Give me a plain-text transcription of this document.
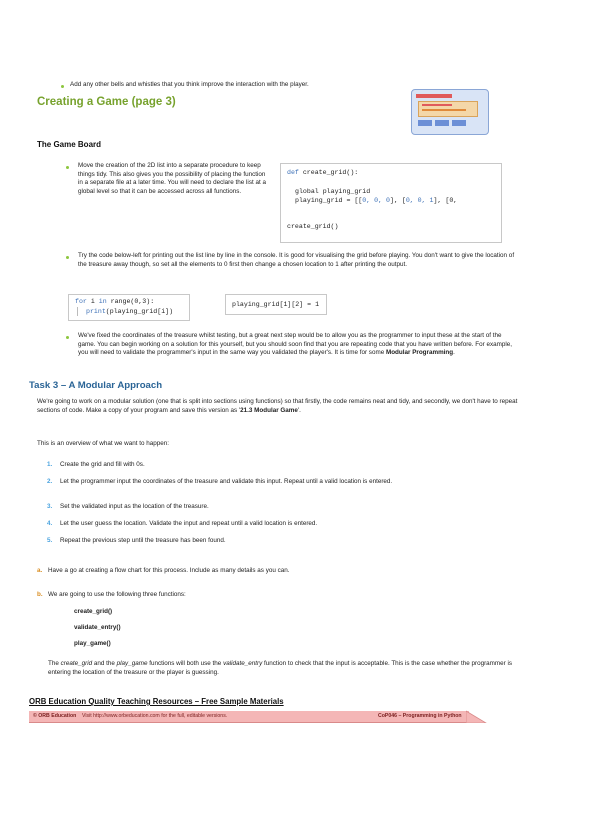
Add any other bells and whistles that you think improve the interaction with the player.
Creating a Game (page 3)
The Game Board
Move the creation of the 2D list into a separate procedure to keep things tidy. This also gives you the possibility of placing the function in a separate file at a later time. You will need to declare the list at a global level so that it can be accessed across all functions.
def create_grid():
global playing_grid
playing_grid = [[0, 0, 0], [0, 0, 1], [0,
create_grid()
Try the code below-left for printing out the list line by line in the console. It is good for visualising the grid before playing. You don't want to give the location of the treasure away though, so set all the elements to 0 first then change a chosen location to 1 after printing the output.
for i in range(0,3):
print(playing_grid[i])
playing_grid[1][2] = 1
We've fixed the coordinates of the treasure whilst testing, but a great next step would be to allow you as the programmer to input these at the start of the game. You can begin working on a solution for this yourself, but you should soon find that you are repeating code that you have written before. For example, you will need to validate the programmer's input in the same way you validated the player's. It is time for some Modular Programming.
Task 3 – A Modular Approach
We're going to work on a modular solution (one that is split into sections using functions) so that firstly, the code remains neat and tidy, and secondly, we don't have to repeat sections of code. Make a copy of your program and save this version as '21.3 Modular Game'.
This is an overview of what we want to happen:
1. Create the grid and fill with 0s.
2. Let the programmer input the coordinates of the treasure and validate this input. Repeat until a valid location is entered.
3. Set the validated input as the location of the treasure.
4. Let the user guess the location. Validate the input and repeat until a valid location is entered.
5. Repeat the previous step until the treasure has been found.
a. Have a go at creating a flow chart for this process. Include as many details as you can.
b. We are going to use the following three functions:
create_grid()
validate_entry()
play_game()
The create_grid and the play_game functions will both use the validate_entry function to check that the input is acceptable. This is the case whether the programmer is entering the location of the treasure or the player is guessing.
ORB Education Quality Teaching Resources – Free Sample Materials
© ORB Education Visit http://www.orbeducation.com for the full, editable versions.	CoP046 – Programming in Python
